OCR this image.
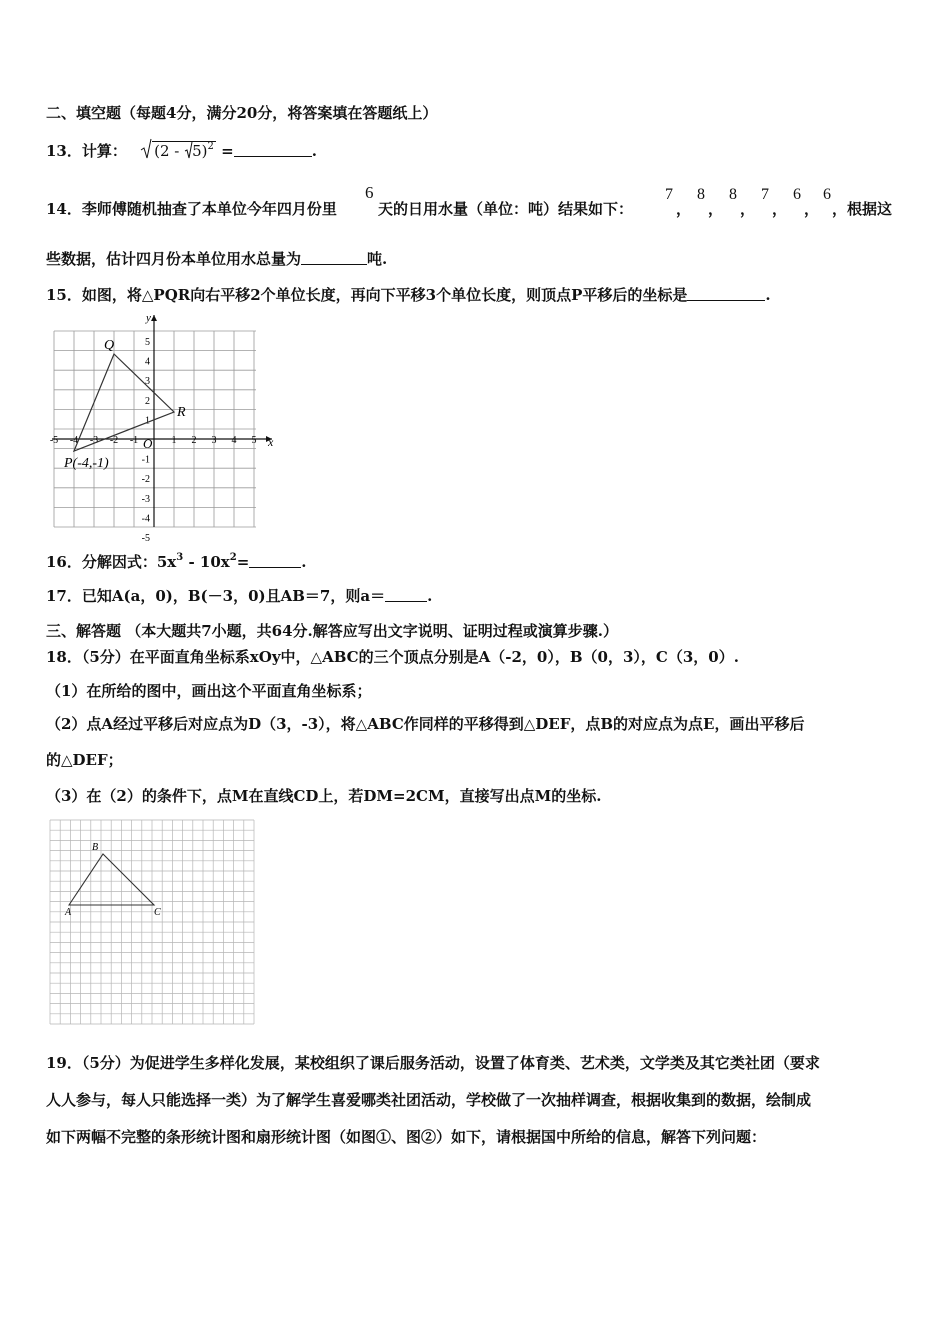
二、填空题（每题4分，满分20分，将答案填在答题纸上）
13．计算： (2 -
5)$^2$ =	.
14．李师傅随机抽查了本单位今年四月份里
6
天的日用水量（单位：吨）结果如下：
7
，
8
，
8
，
7
，
6
，
6
，根据这
些数据，估计四月份本单位用水总量为	吨.
15．如图，将△PQR向右平移2个单位长度，再向下平移3个单位长度，则顶点P平移后的坐标是	.
y
x
O
-5 -4 -3 -2 -1	1 2 3 4 5
5
4
3
2
1
-1
-2
-3
-4
-5
Q
R
P(-4,-1)
16．分解因式：$5x^3 - 10x^2=$	.
17．已知A(a，0)，B(－3，0)且AB＝7，则a＝	.
三、解答题 （本大题共7小题，共64分.解答应写出文字说明、证明过程或演算步骤.）
18．（5分）在平面直角坐标系xOy中，△ABC的三个顶点分别是A（-2，0），B（0，3），C（3，0）.
（1）在所给的图中，画出这个平面直角坐标系；
（2）点A经过平移后对应点为D（3，-3），将△ABC作同样的平移得到△DEF，点B的对应点为点E，画出平移后
的△DEF；
（3）在（2）的条件下，点M在直线CD上，若DM=2CM，直接写出点M的坐标.
A
B
C
19．（5分）为促进学生多样化发展，某校组织了课后服务活动，设置了体育类、艺术类，文学类及其它类社团（要求
人人参与，每人只能选择一类）为了解学生喜爱哪类社团活动，学校做了一次抽样调查，根据收集到的数据，绘制成
如下两幅不完整的条形统计图和扇形统计图（如图①、图②）如下，请根据国中所给的信息，解答下列问题：
